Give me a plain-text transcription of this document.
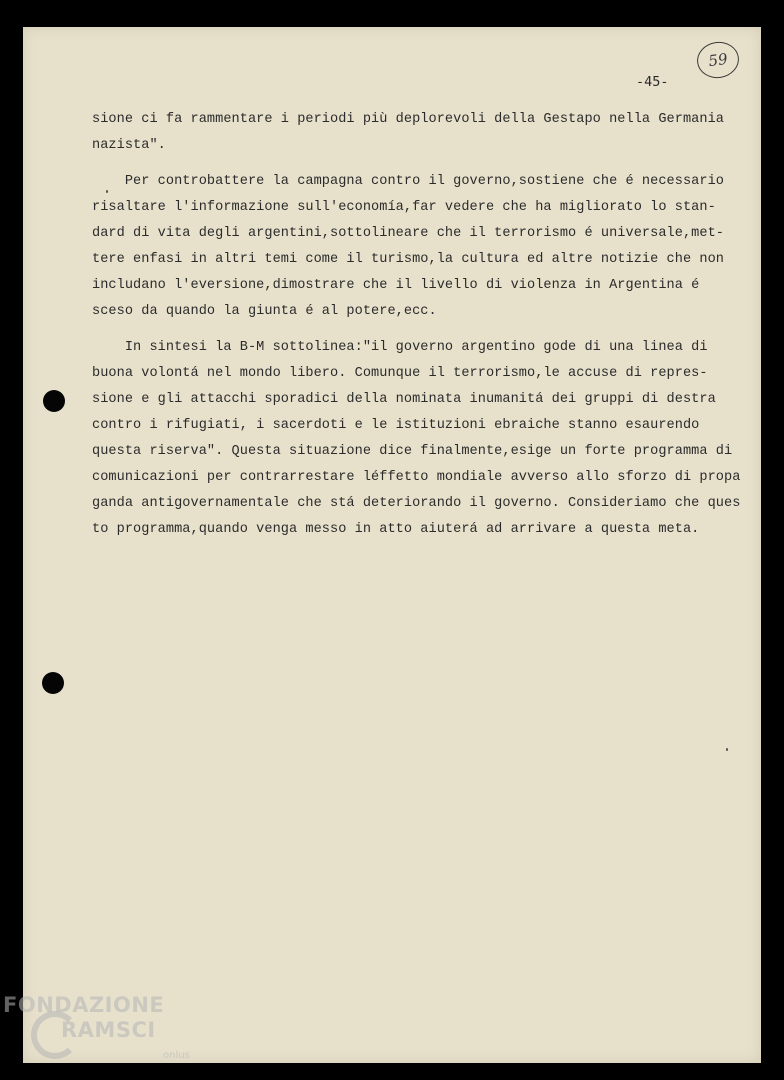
-45-
59
sione ci fa rammentare i periodi più deplorevoli della Gestapo nella Germania
nazista".
Per controbattere la campagna contro il governo,sostiene che é necessario
risaltare l'informazione sull'economía,far vedere che ha migliorato lo stan-
dard di vita degli argentini,sottolineare che il terrorismo é universale,met-
tere enfasi in altri temi come il turismo,la cultura ed altre notizie che non
includano l'eversione,dimostrare che il livello di violenza in Argentina é
sceso da quando la giunta é al potere,ecc.
In sintesi la B-M sottolinea:"il governo argentino gode di una linea di
buona volontá nel mondo libero. Comunque il terrorismo,le accuse di repres-
sione e gli attacchi sporadici della nominata inumanitá dei gruppi di destra
contro i rifugiati, i sacerdoti e le istituzioni ebraiche stanno esaurendo
questa riserva". Questa situazione dice finalmente,esige un forte programma di
comunicazioni per contrarrestare léffetto mondiale avverso allo sforzo di propa
ganda antigovernamentale che stá deteriorando il governo. Consideriamo che ques
to programma,quando venga messo in atto aiuterá ad arrivare a questa meta.
FONDAZIONE
RAMSCI
onlus
